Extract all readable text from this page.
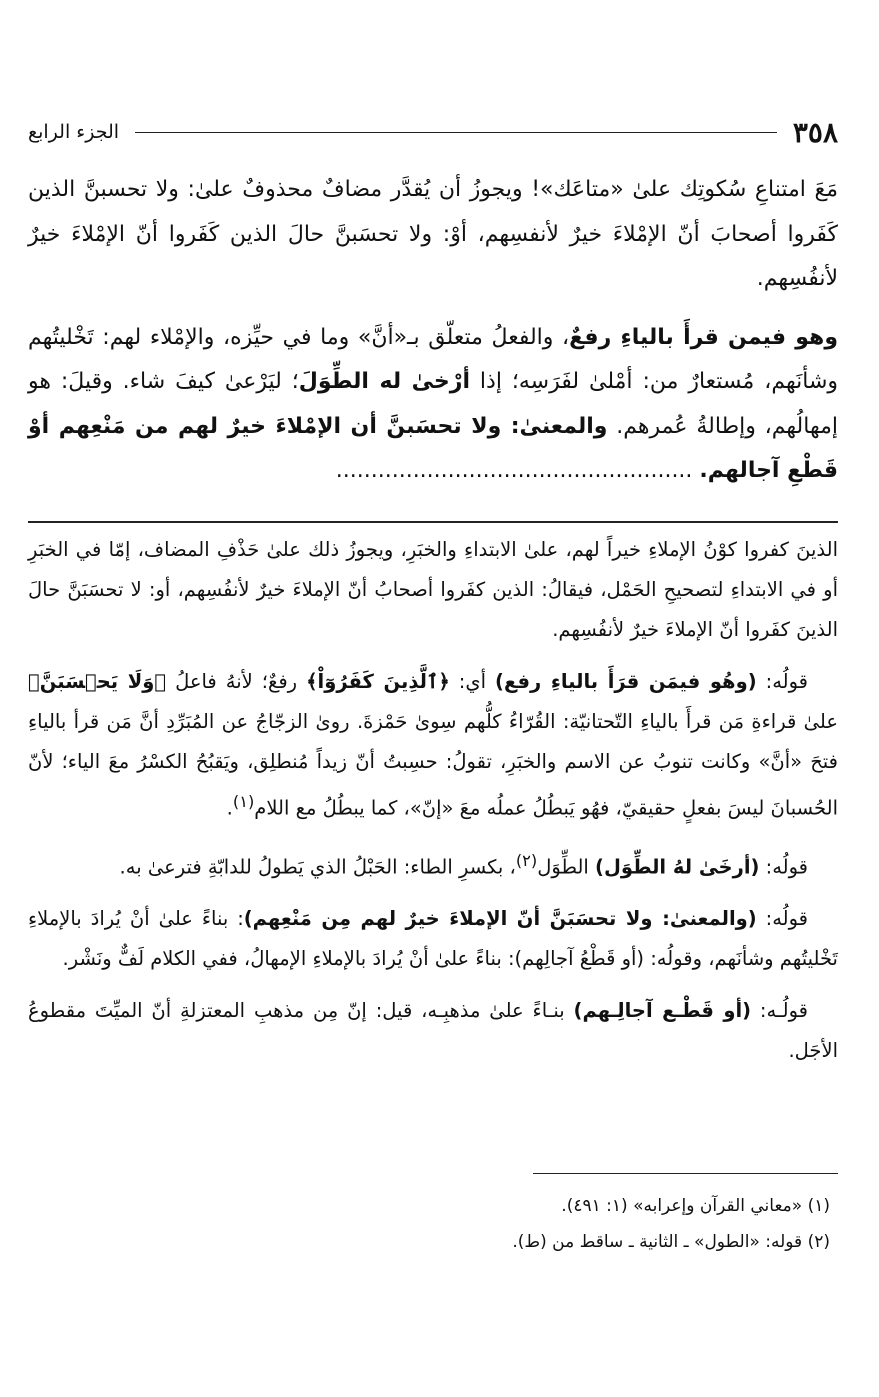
٣٥٨
الجزء الرابع

مَعَ امتناعِ سُكوتِك علىٰ «متاعَك»! ويجوزُ أن يُقدَّر مضافٌ محذوفٌ علىٰ: ولا تحسبنَّ الذين كَفَروا أصحابَ أنّ الإمْلاءَ خيرٌ لأنفسِهم، أوْ: ولا تحسَبنَّ حالَ الذين كَفَروا أنّ الإمْلاءَ خيرٌ لأنفُسِهم.

وهو فيمن قرأَ بالياءِ رفعٌ، والفعلُ متعلّق بـ«أنَّ» وما في حيِّزه، والإمْلاء لهم: تَخْليتُهم وشأنَهم، مُستعارٌ من: أمْلىٰ لفَرَسِه؛ إذا أرْخىٰ له الطِّوَلَ؛ ليَرْعىٰ كيفَ شاء. وقيلَ: هو إمهالُهم، وإطالةُ عُمرهم. والمعنىٰ: ولا تحسَبنَّ أن الإمْلاءَ خيرٌ لهم من مَنْعِهم أوْ قَطْعِ آجالهم. ...................................................

الذينَ كفروا كوْنُ الإملاءِ خيراً لهم، علىٰ الابتداءِ والخبَرِ، ويجوزُ ذلك علىٰ حَذْفِ المضاف، إمّا في الخبَرِ أو في الابتداءِ لتصحيحِ الحَمْل، فيقالُ: الذين كفَروا أصحابُ أنّ الإملاءَ خيرٌ لأنفُسِهم، أو: لا تحسَبَنَّ حالَ الذينَ كفَروا أنّ الإملاءَ خيرٌ لأنفُسِهم.

قولُه: (وهُو فيمَن قرَأَ بالياءِ رفع) أي: ﴿ٱلَّذِينَ كَفَرُوٓاْ﴾ رفعٌ؛ لأنهُ فاعلُ ﴿وَلَا يَحۡسَبَنَّ﴾ علىٰ قراءةِ مَن قرأَ بالياءِ التّحتانيّة: القُرّاءُ كلُّهم سِوىٰ حَمْزةَ. روىٰ الزجّاجُ عن المُبَرِّدِ أنَّ مَن قرأ بالياءِ فتحَ «أنَّ» وكانت تنوبُ عن الاسم والخبَرِ، تقولُ: حسِبتُ أنّ زيداً مُنطلِق، ويَقبُحُ الكسْرُ معَ الياء؛ لأنّ الحُسبانَ ليسَ بفعلٍ حقيقيّ، فهُو يَبطُلُ عملُه معَ «إنّ»، كما يبطُلُ مع اللام$^{(١)}$.

قولُه: (أرخَىٰ لهُ الطِّوَل) الطِّوَل$^{(٢)}$، بكسرِ الطاء: الحَبْلُ الذي يَطولُ للدابّةِ فترعىٰ به.

قولُه: (والمعنىٰ: ولا تحسَبَنَّ أنّ الإملاءَ خيرٌ لهم مِن مَنْعِهم): بناءً علىٰ أنْ يُرادَ بالإملاءِ تَخْليتُهم وشأنَهم، وقولُه: (أو قَطْعُ آجالِهم): بناءً علىٰ أنْ يُرادَ بالإملاءِ الإمهالُ، ففي الكلام لَفٌّ ونَشْر.

قولُـه: (أو قَطْـع آجالِـهم) بنـاءً علىٰ مذهبِـه، قيل: إنّ مِن مذهبِ المعتزلةِ أنّ الميِّتَ مقطوعُ الأجَل.

(١) «معاني القرآن وإعرابه» (١: ٤٩١).
(٢) قوله: «الطول» ـ الثانية ـ ساقط من (ط).
